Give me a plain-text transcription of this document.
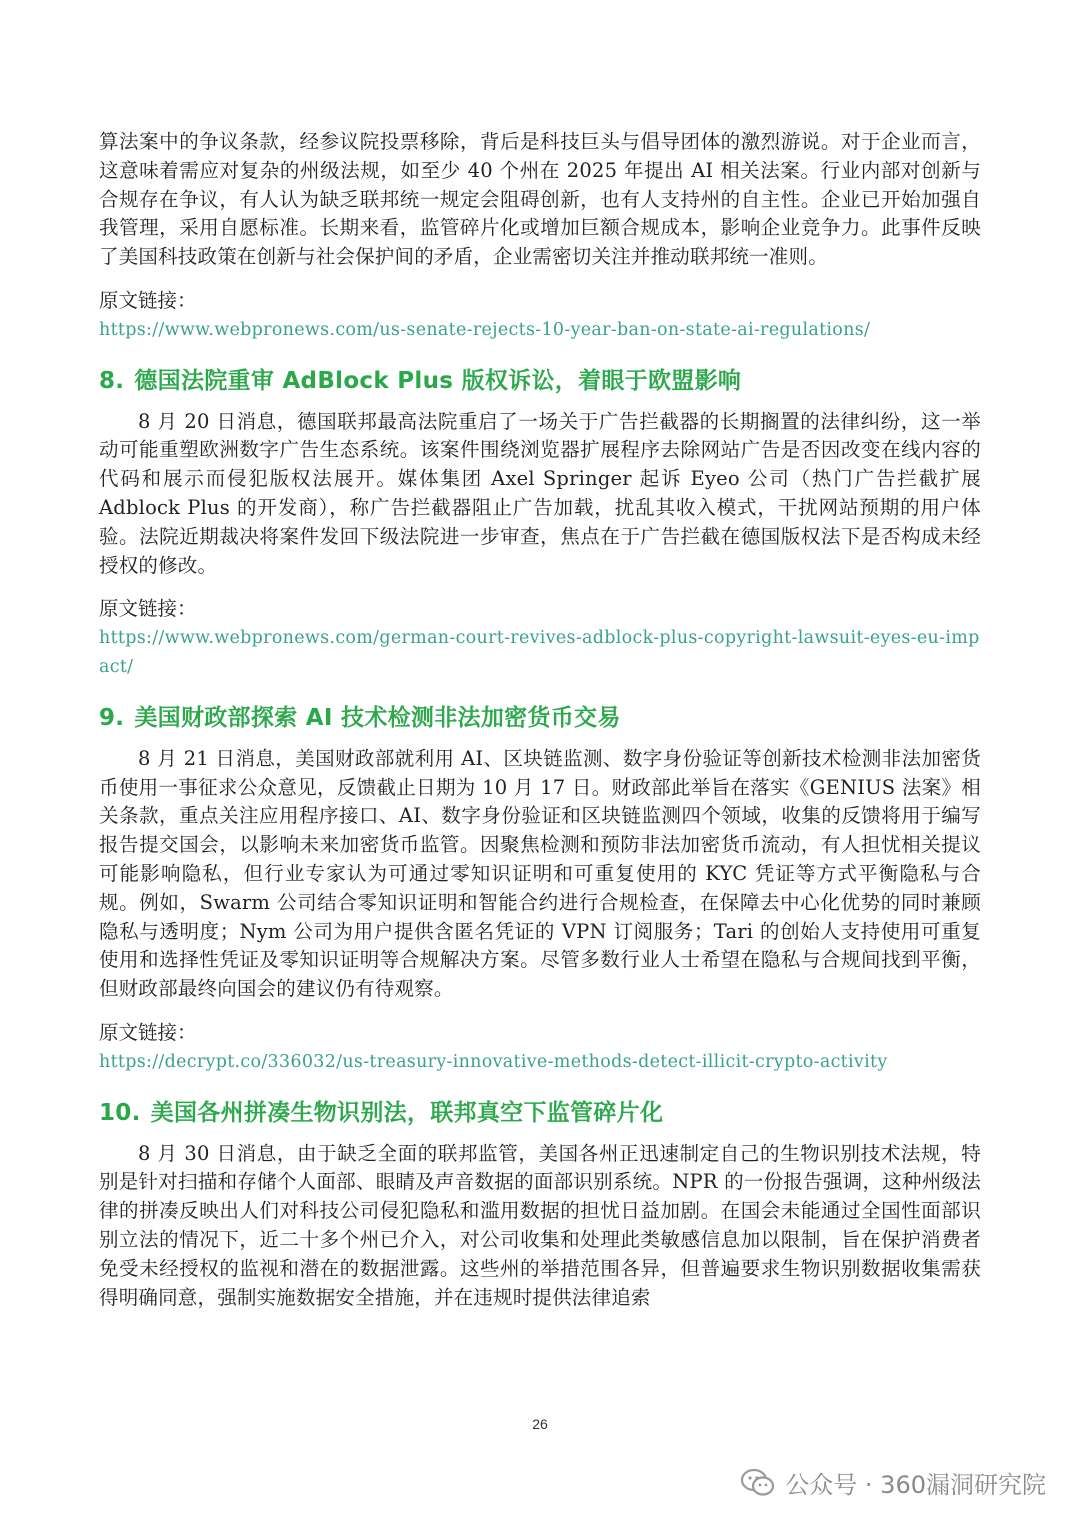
算法案中的争议条款，经参议院投票移除，背后是科技巨头与倡导团体的激烈游说。对于企业而言，这意味着需应对复杂的州级法规，如至少 40 个州在 2025 年提出 AI 相关法案。行业内部对创新与合规存在争议，有人认为缺乏联邦统一规定会阻碍创新，也有人支持州的自主性。企业已开始加强自我管理，采用自愿标准。长期来看，监管碎片化或增加巨额合规成本，影响企业竞争力。此事件反映了美国科技政策在创新与社会保护间的矛盾，企业需密切关注并推动联邦统一准则。

原文链接：
https://www.webpronews.com/us-senate-rejects-10-year-ban-on-state-ai-regulations/
8. 德国法院重审 AdBlock Plus 版权诉讼，着眼于欧盟影响

8 月 20 日消息，德国联邦最高法院重启了一场关于广告拦截器的长期搁置的法律纠纷，这一举动可能重塑欧洲数字广告生态系统。该案件围绕浏览器扩展程序去除网站广告是否因改变在线内容的代码和展示而侵犯版权法展开。媒体集团 Axel Springer 起诉 Eyeo 公司（热门广告拦截扩展 Adblock Plus 的开发商），称广告拦截器阻止广告加载，扰乱其收入模式，干扰网站预期的用户体验。法院近期裁决将案件发回下级法院进一步审查，焦点在于广告拦截在德国版权法下是否构成未经授权的修改。

原文链接：
https://www.webpronews.com/german-court-revives-adblock-plus-copyright-lawsuit-eyes-eu-impact/
9. 美国财政部探索 AI 技术检测非法加密货币交易

8 月 21 日消息，美国财政部就利用 AI、区块链监测、数字身份验证等创新技术检测非法加密货币使用一事征求公众意见，反馈截止日期为 10 月 17 日。财政部此举旨在落实《GENIUS 法案》相关条款，重点关注应用程序接口、AI、数字身份验证和区块链监测四个领域，收集的反馈将用于编写报告提交国会，以影响未来加密货币监管。因聚焦检测和预防非法加密货币流动，有人担忧相关提议可能影响隐私，但行业专家认为可通过零知识证明和可重复使用的 KYC 凭证等方式平衡隐私与合规。例如，Swarm 公司结合零知识证明和智能合约进行合规检查，在保障去中心化优势的同时兼顾隐私与透明度；Nym 公司为用户提供含匿名凭证的 VPN 订阅服务；Tari 的创始人支持使用可重复使用和选择性凭证及零知识证明等合规解决方案。尽管多数行业人士希望在隐私与合规间找到平衡，但财政部最终向国会的建议仍有待观察。

原文链接：
https://decrypt.co/336032/us-treasury-innovative-methods-detect-illicit-crypto-activity
10. 美国各州拼凑生物识别法，联邦真空下监管碎片化

8 月 30 日消息，由于缺乏全面的联邦监管，美国各州正迅速制定自己的生物识别技术法规，特别是针对扫描和存储个人面部、眼睛及声音数据的面部识别系统。NPR 的一份报告强调，这种州级法律的拼凑反映出人们对科技公司侵犯隐私和滥用数据的担忧日益加剧。在国会未能通过全国性面部识别立法的情况下，近二十多个州已介入，对公司收集和处理此类敏感信息加以限制，旨在保护消费者免受未经授权的监视和潜在的数据泄露。这些州的举措范围各异，但普遍要求生物识别数据收集需获得明确同意，强制实施数据安全措施，并在违规时提供法律追索

26
公众号 · 360漏洞研究院
